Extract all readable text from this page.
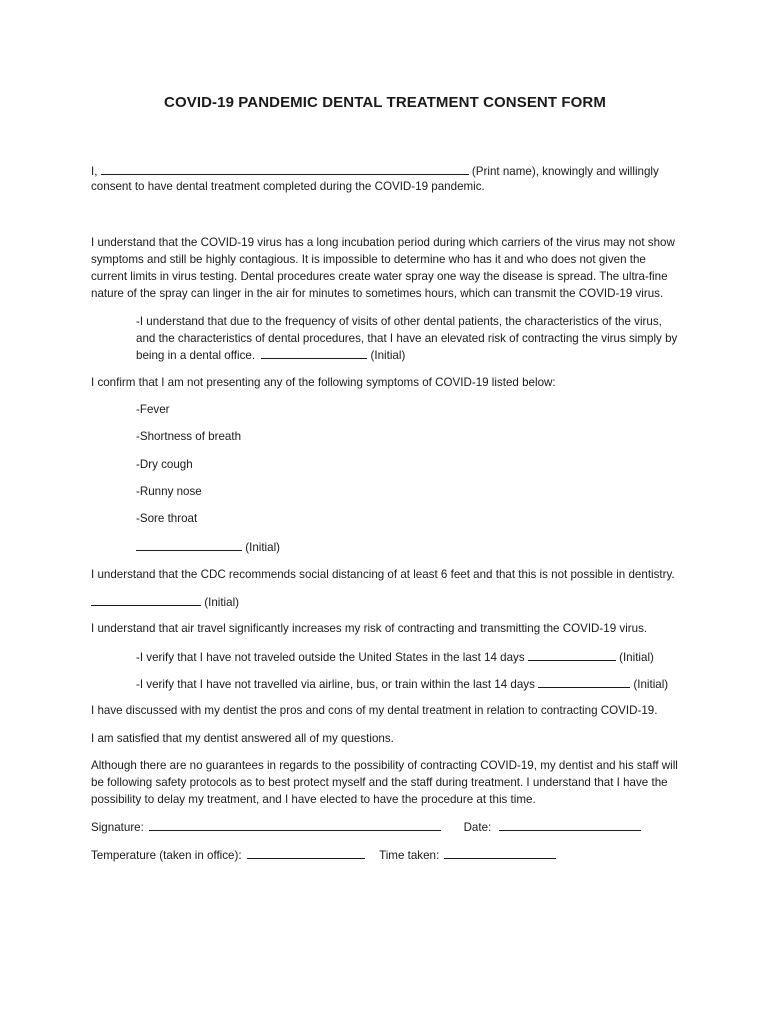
COVID-19 PANDEMIC DENTAL TREATMENT CONSENT FORM
I,	(Print name), knowingly and willingly
consent to have dental treatment completed during the COVID-19 pandemic.
I understand that the COVID-19 virus has a long incubation period during which carriers of the virus may not show
symptoms and still be highly contagious. It is impossible to determine who has it and who does not given the
current limits in virus testing. Dental procedures create water spray one way the disease is spread. The ultra-fine
nature of the spray can linger in the air for minutes to sometimes hours, which can transmit the COVID-19 virus.
-I understand that due to the frequency of visits of other dental patients, the characteristics of the virus,
and the characteristics of dental procedures, that I have an elevated risk of contracting the virus simply by
being in a dental office.	(Initial)
I confirm that I am not presenting any of the following symptoms of COVID-19 listed below:
-Fever
-Shortness of breath
-Dry cough
-Runny nose
-Sore throat
(Initial)
I understand that the CDC recommends social distancing of at least 6 feet and that this is not possible in dentistry.
(Initial)
I understand that air travel significantly increases my risk of contracting and transmitting the COVID-19 virus.
-I verify that I have not traveled outside the United States in the last 14 days	(Initial)
-I verify that I have not travelled via airline, bus, or train within the last 14 days	(Initial)
I have discussed with my dentist the pros and cons of my dental treatment in relation to contracting COVID-19.
I am satisfied that my dentist answered all of my questions.
Although there are no guarantees in regards to the possibility of contracting COVID-19, my dentist and his staff will
be following safety protocols as to best protect myself and the staff during treatment. I understand that I have the
possibility to delay my treatment, and I have elected to have the procedure at this time.
Signature:	Date:
Temperature (taken in office):	Time taken:
